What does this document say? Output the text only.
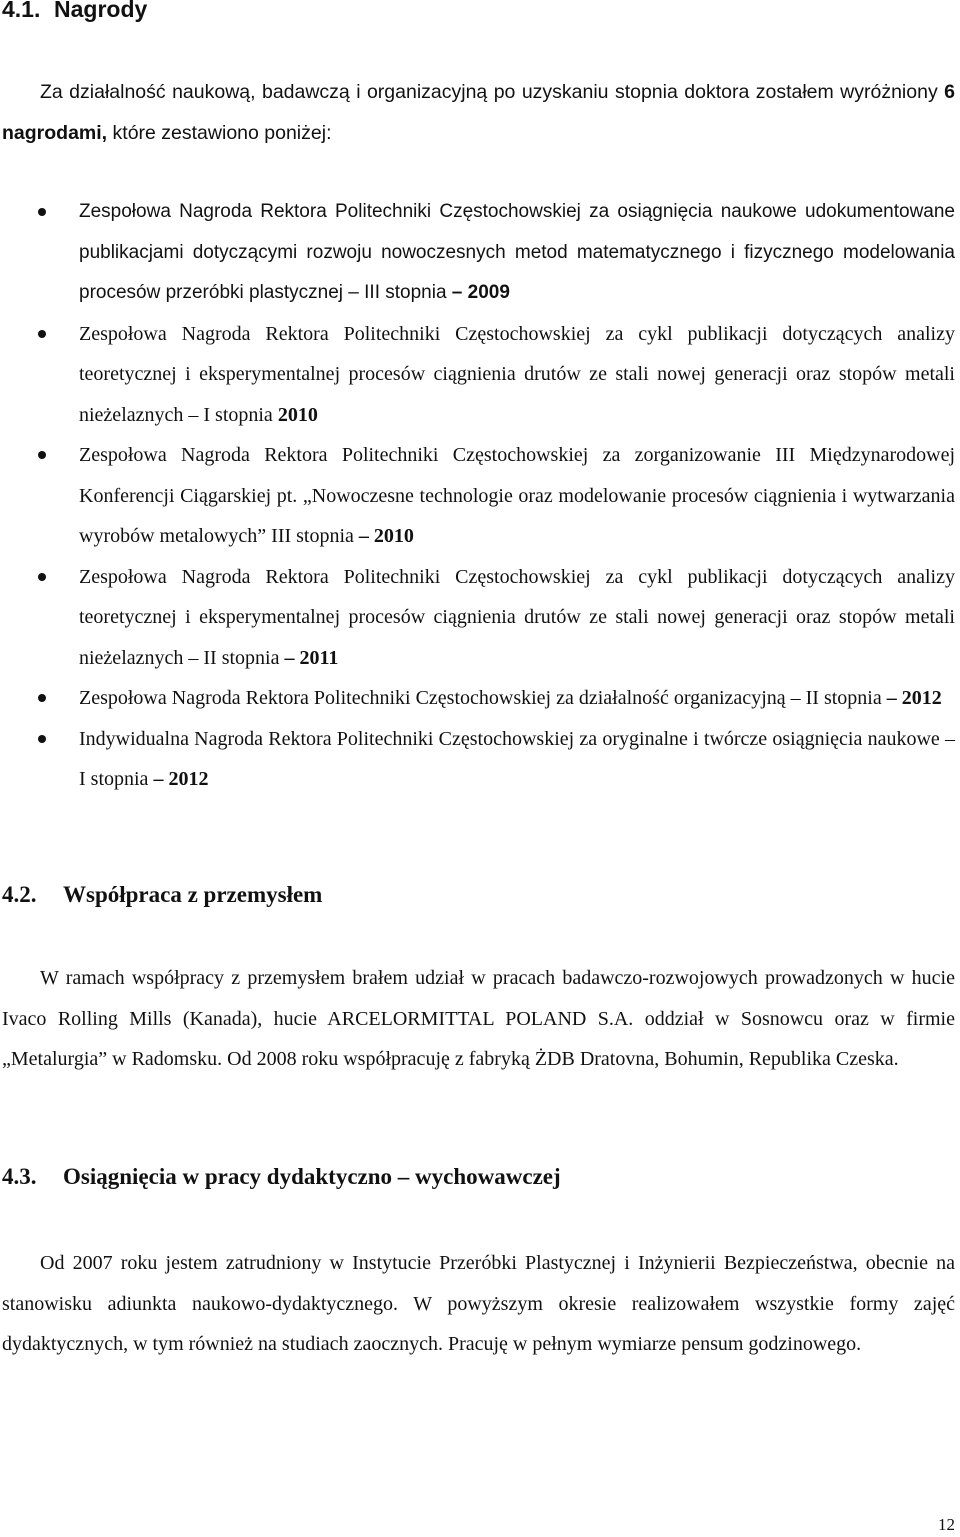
4.1. Nagrody

Za działalność naukową, badawczą i organizacyjną po uzyskaniu stopnia doktora zostałem wyróżniony 6 nagrodami, które zestawiono poniżej:

Zespołowa Nagroda Rektora Politechniki Częstochowskiej za osiągnięcia naukowe udokumentowane publikacjami dotyczącymi rozwoju nowoczesnych metod matematycznego i fizycznego modelowania procesów przeróbki plastycznej – III stopnia – 2009
Zespołowa Nagroda Rektora Politechniki Częstochowskiej za cykl publikacji dotyczących analizy teoretycznej i eksperymentalnej procesów ciągnienia drutów ze stali nowej generacji oraz stopów metali nieżelaznych – I stopnia 2010
Zespołowa Nagroda Rektora Politechniki Częstochowskiej za zorganizowanie III Międzynarodowej Konferencji Ciągarskiej pt. „Nowoczesne technologie oraz modelowanie procesów ciągnienia i wytwarzania wyrobów metalowych” III stopnia – 2010
Zespołowa Nagroda Rektora Politechniki Częstochowskiej za cykl publikacji dotyczących analizy teoretycznej i eksperymentalnej procesów ciągnienia drutów ze stali nowej generacji oraz stopów metali nieżelaznych – II stopnia – 2011
Zespołowa Nagroda Rektora Politechniki Częstochowskiej za działalność organizacyjną – II stopnia – 2012
Indywidualna Nagroda Rektora Politechniki Częstochowskiej za oryginalne i twórcze osiągnięcia naukowe – I stopnia – 2012
4.2. Współpraca z przemysłem

W ramach współpracy z przemysłem brałem udział w pracach badawczo-rozwojowych prowadzonych w hucie Ivaco Rolling Mills (Kanada), hucie ARCELORMITTAL POLAND S.A. oddział w Sosnowcu oraz w firmie „Metalurgia” w Radomsku. Od 2008 roku współpracuję z fabryką ŻDB Dratovna, Bohumin, Republika Czeska.

4.3. Osiągnięcia w pracy dydaktyczno – wychowawczej

Od 2007 roku jestem zatrudniony w Instytucie Przeróbki Plastycznej i Inżynierii Bezpieczeństwa, obecnie na stanowisku adiunkta naukowo-dydaktycznego. W powyższym okresie realizowałem wszystkie formy zajęć dydaktycznych, w tym również na studiach zaocznych. Pracuję w pełnym wymiarze pensum godzinowego.

12
